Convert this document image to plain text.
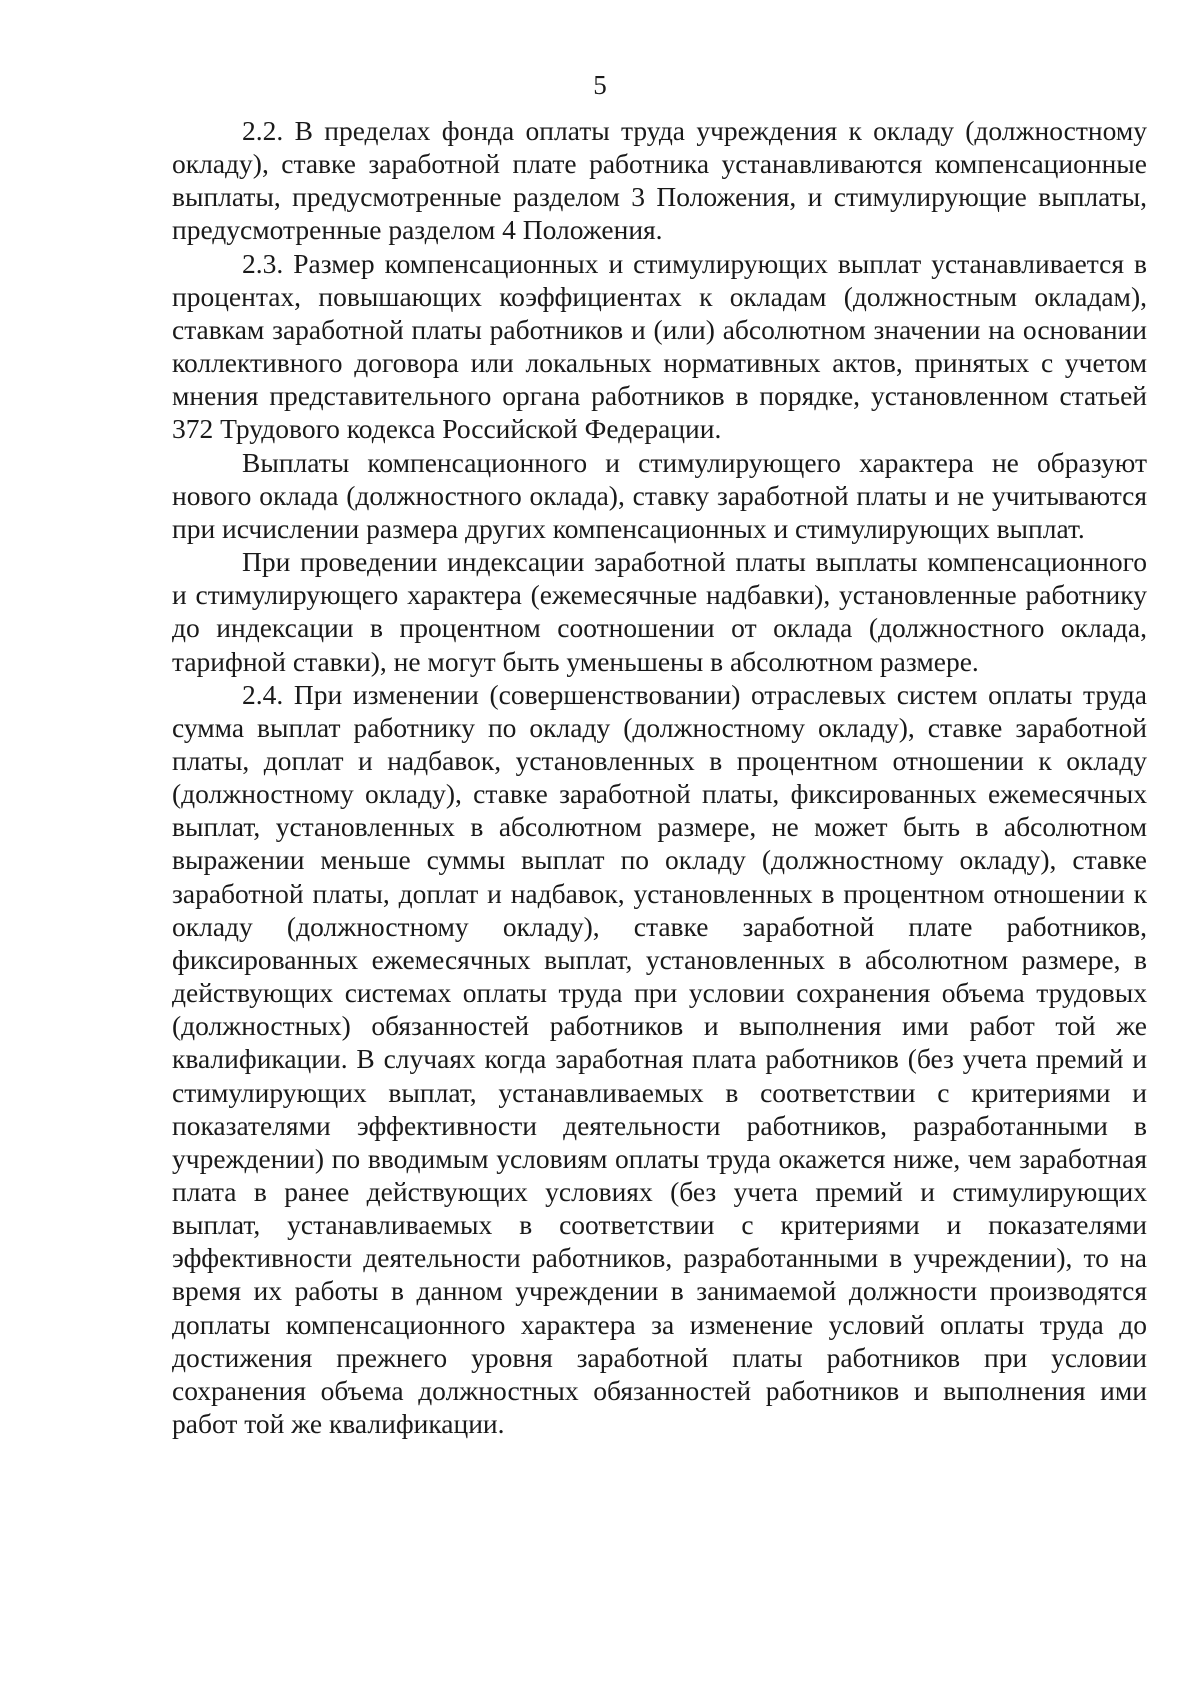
5

2.2. В пределах фонда оплаты труда учреждения к окладу (должностному окладу), ставке заработной плате работника устанавливаются компенсационные выплаты, предусмотренные разделом 3 Положения, и стимулирующие выплаты, предусмотренные разделом 4 Положения.

2.3. Размер компенсационных и стимулирующих выплат устанавливается в процентах, повышающих коэффициентах к окладам (должностным окладам), ставкам заработной платы работников и (или) абсолютном значении на основании коллективного договора или локальных нормативных актов, принятых с учетом мнения представительного органа работников в порядке, установленном статьей 372 Трудового кодекса Российской Федерации.

Выплаты компенсационного и стимулирующего характера не образуют нового оклада (должностного оклада), ставку заработной платы и не учитываются при исчислении размера других компенсационных и стимулирующих выплат.

При проведении индексации заработной платы выплаты компенсационного и стимулирующего характера (ежемесячные надбавки), установленные работнику до индексации в процентном соотношении от оклада (должностного оклада, тарифной ставки), не могут быть уменьшены в абсолютном размере.

2.4. При изменении (совершенствовании) отраслевых систем оплаты труда сумма выплат работнику по окладу (должностному окладу), ставке заработной платы, доплат и надбавок, установленных в процентном отношении к окладу (должностному окладу), ставке заработной платы, фиксированных ежемесячных выплат, установленных в абсолютном размере, не может быть в абсолютном выражении меньше суммы выплат по окладу (должностному окладу), ставке заработной платы, доплат и надбавок, установленных в процентном отношении к окладу (должностному окладу), ставке заработной плате работников, фиксированных ежемесячных выплат, установленных в абсолютном размере, в действующих системах оплаты труда при условии сохранения объема трудовых (должностных) обязанностей работников и выполнения ими работ той же квалификации. В случаях когда заработная плата работников (без учета премий и стимулирующих выплат, устанавливаемых в соответствии с критериями и показателями эффективности деятельности работников, разработанными в учреждении) по вводимым условиям оплаты труда окажется ниже, чем заработная плата в ранее действующих условиях (без учета премий и стимулирующих выплат, устанавливаемых в соответствии с критериями и показателями эффективности деятельности работников, разработанными в учреждении), то на время их работы в данном учреждении в занимаемой должности производятся доплаты компенсационного характера за изменение условий оплаты труда до достижения прежнего уровня заработной платы работников при условии сохранения объема должностных обязанностей работников и выполнения ими работ той же квалификации.
